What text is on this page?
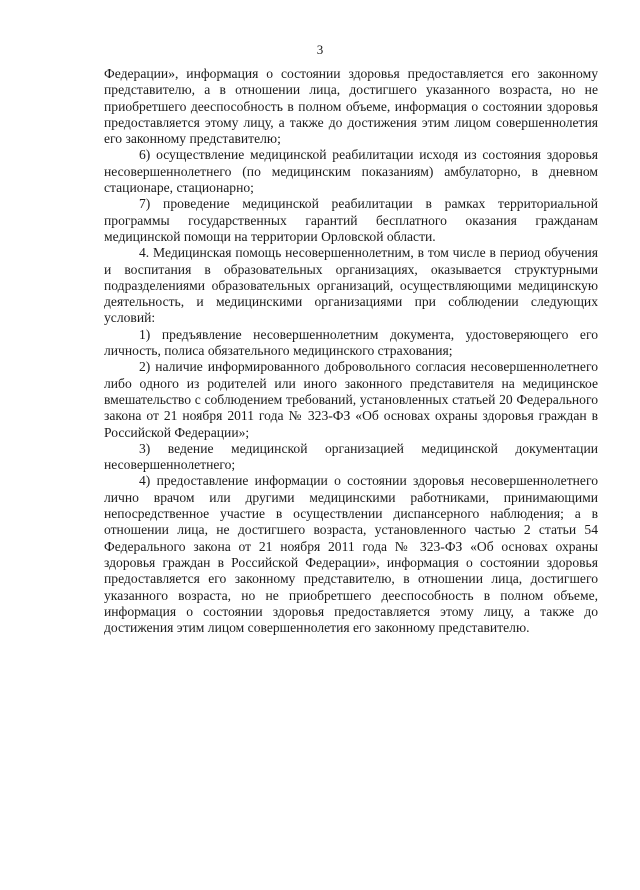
3

Федерации», информация о состоянии здоровья предоставляется его законному представителю, а в отношении лица, достигшего указанного возраста, но не приобретшего дееспособность в полном объеме, информация о состоянии здоровья предоставляется этому лицу, а также до достижения этим лицом совершеннолетия его законному представителю;

6) осуществление медицинской реабилитации исходя из состояния здоровья несовершеннолетнего (по медицинским показаниям) амбулаторно, в дневном стационаре, стационарно;

7) проведение медицинской реабилитации в рамках территориальной программы государственных гарантий бесплатного оказания гражданам медицинской помощи на территории Орловской области.

4. Медицинская помощь несовершеннолетним, в том числе в период обучения и воспитания в образовательных организациях, оказывается структурными подразделениями образовательных организаций, осуществляющими медицинскую деятельность, и медицинскими организациями при соблюдении следующих условий:

1) предъявление несовершеннолетним документа, удостоверяющего его личность, полиса обязательного медицинского страхования;

2) наличие информированного добровольного согласия несовершеннолетнего либо одного из родителей или иного законного представителя на медицинское вмешательство с соблюдением требований, установленных статьей 20 Федерального закона от 21 ноября 2011 года № 323-ФЗ «Об основах охраны здоровья граждан в Российской Федерации»;

3) ведение медицинской организацией медицинской документации несовершеннолетнего;

4) предоставление информации о состоянии здоровья несовершеннолетнего лично врачом или другими медицинскими работниками, принимающими непосредственное участие в осуществлении диспансерного наблюдения; а в отношении лица, не достигшего возраста, установленного частью 2 статьи 54 Федерального закона от 21 ноября 2011 года № 323-ФЗ «Об основах охраны здоровья граждан в Российской Федерации», информация о состоянии здоровья предоставляется его законному представителю, в отношении лица, достигшего указанного возраста, но не приобретшего дееспособность в полном объеме, информация о состоянии здоровья предоставляется этому лицу, а также до достижения этим лицом совершеннолетия его законному представителю.
